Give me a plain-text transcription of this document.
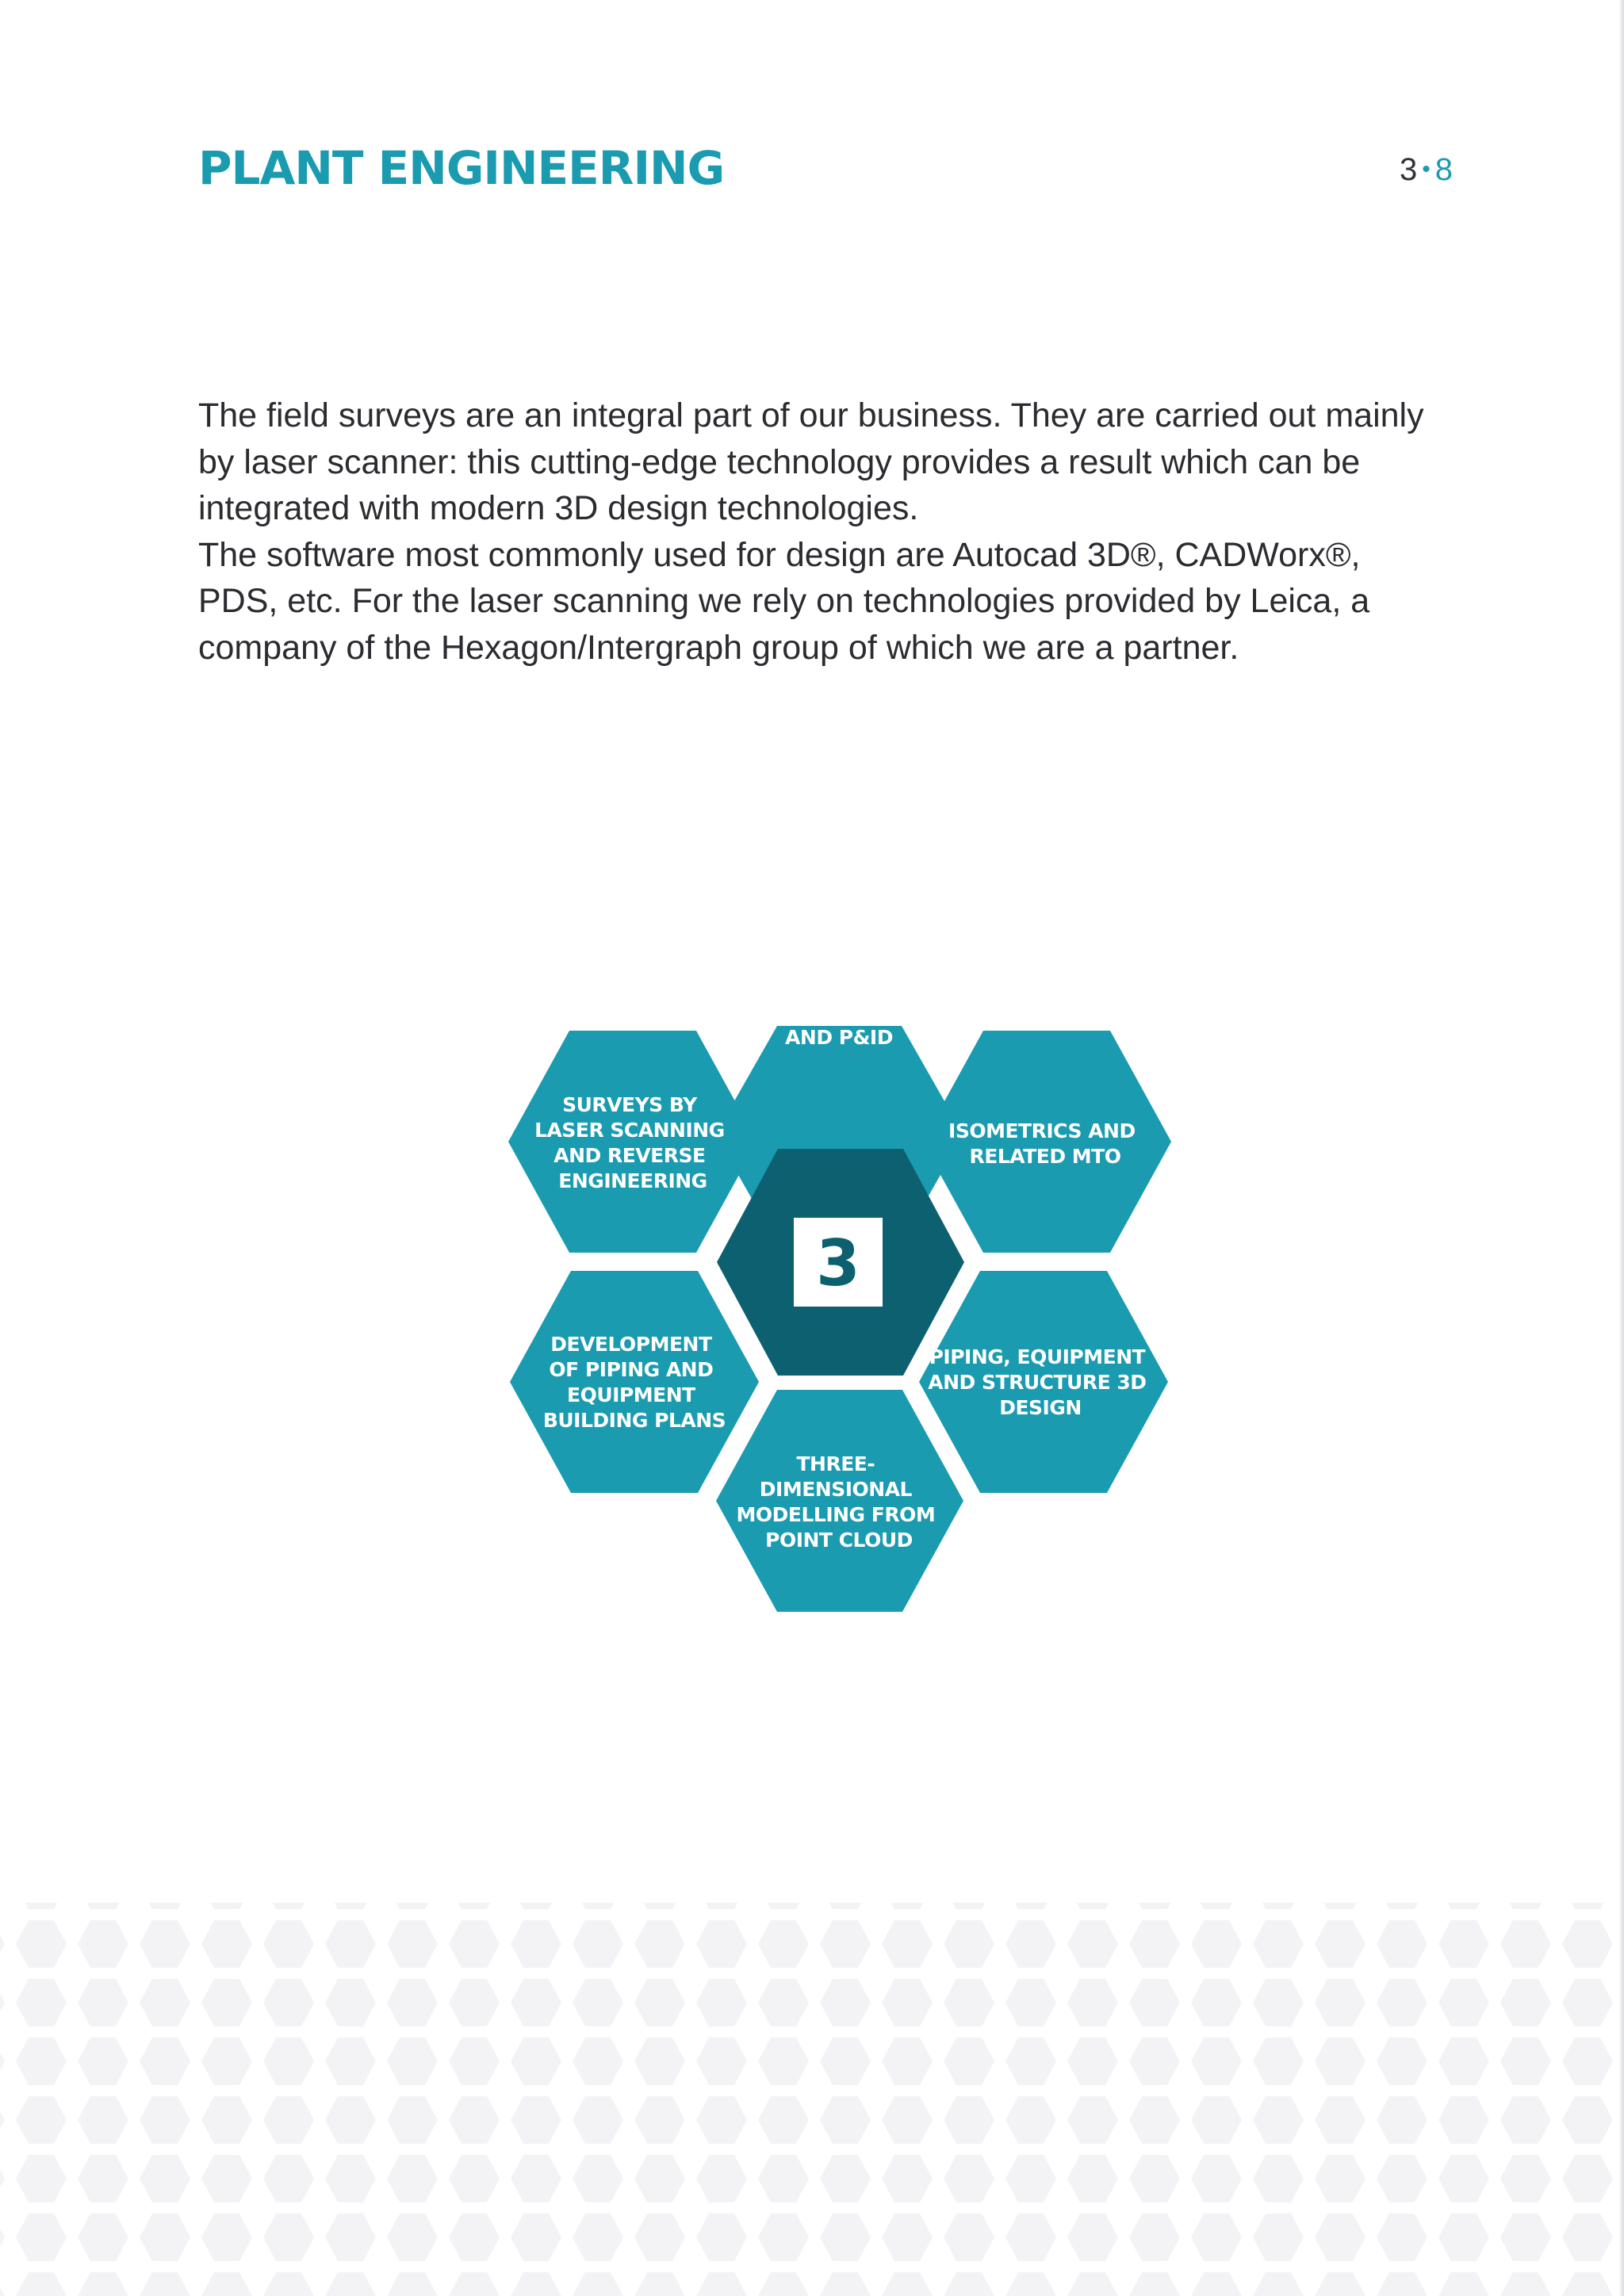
PLANT ENGINEERING	3 • 8

The field surveys are an integral part of our business. They are carried out mainly by laser scanner: this cutting-edge technology provides a result which can be integrated with modern 3D design technologies.

The software most commonly used for design are Autocad 3D®, CADWorx®, PDS, etc. For the laser scanning we rely on technologies provided by Leica, a company of the Hexagon/Intergraph group of which we are a partner.

PLANT LAYOUT AND P&ID
ISOMETRICS AND RELATED MTO
SURVEYS BY LASER SCANNING AND REVERSE ENGINEERING
3
DEVELOPMENT OF PIPING AND EQUIPMENT BUILDING PLANS
PIPING, EQUIPMENT AND STRUCTURE 3D DESIGN
THREE- DIMENSIONAL MODELLING FROM POINT CLOUD
